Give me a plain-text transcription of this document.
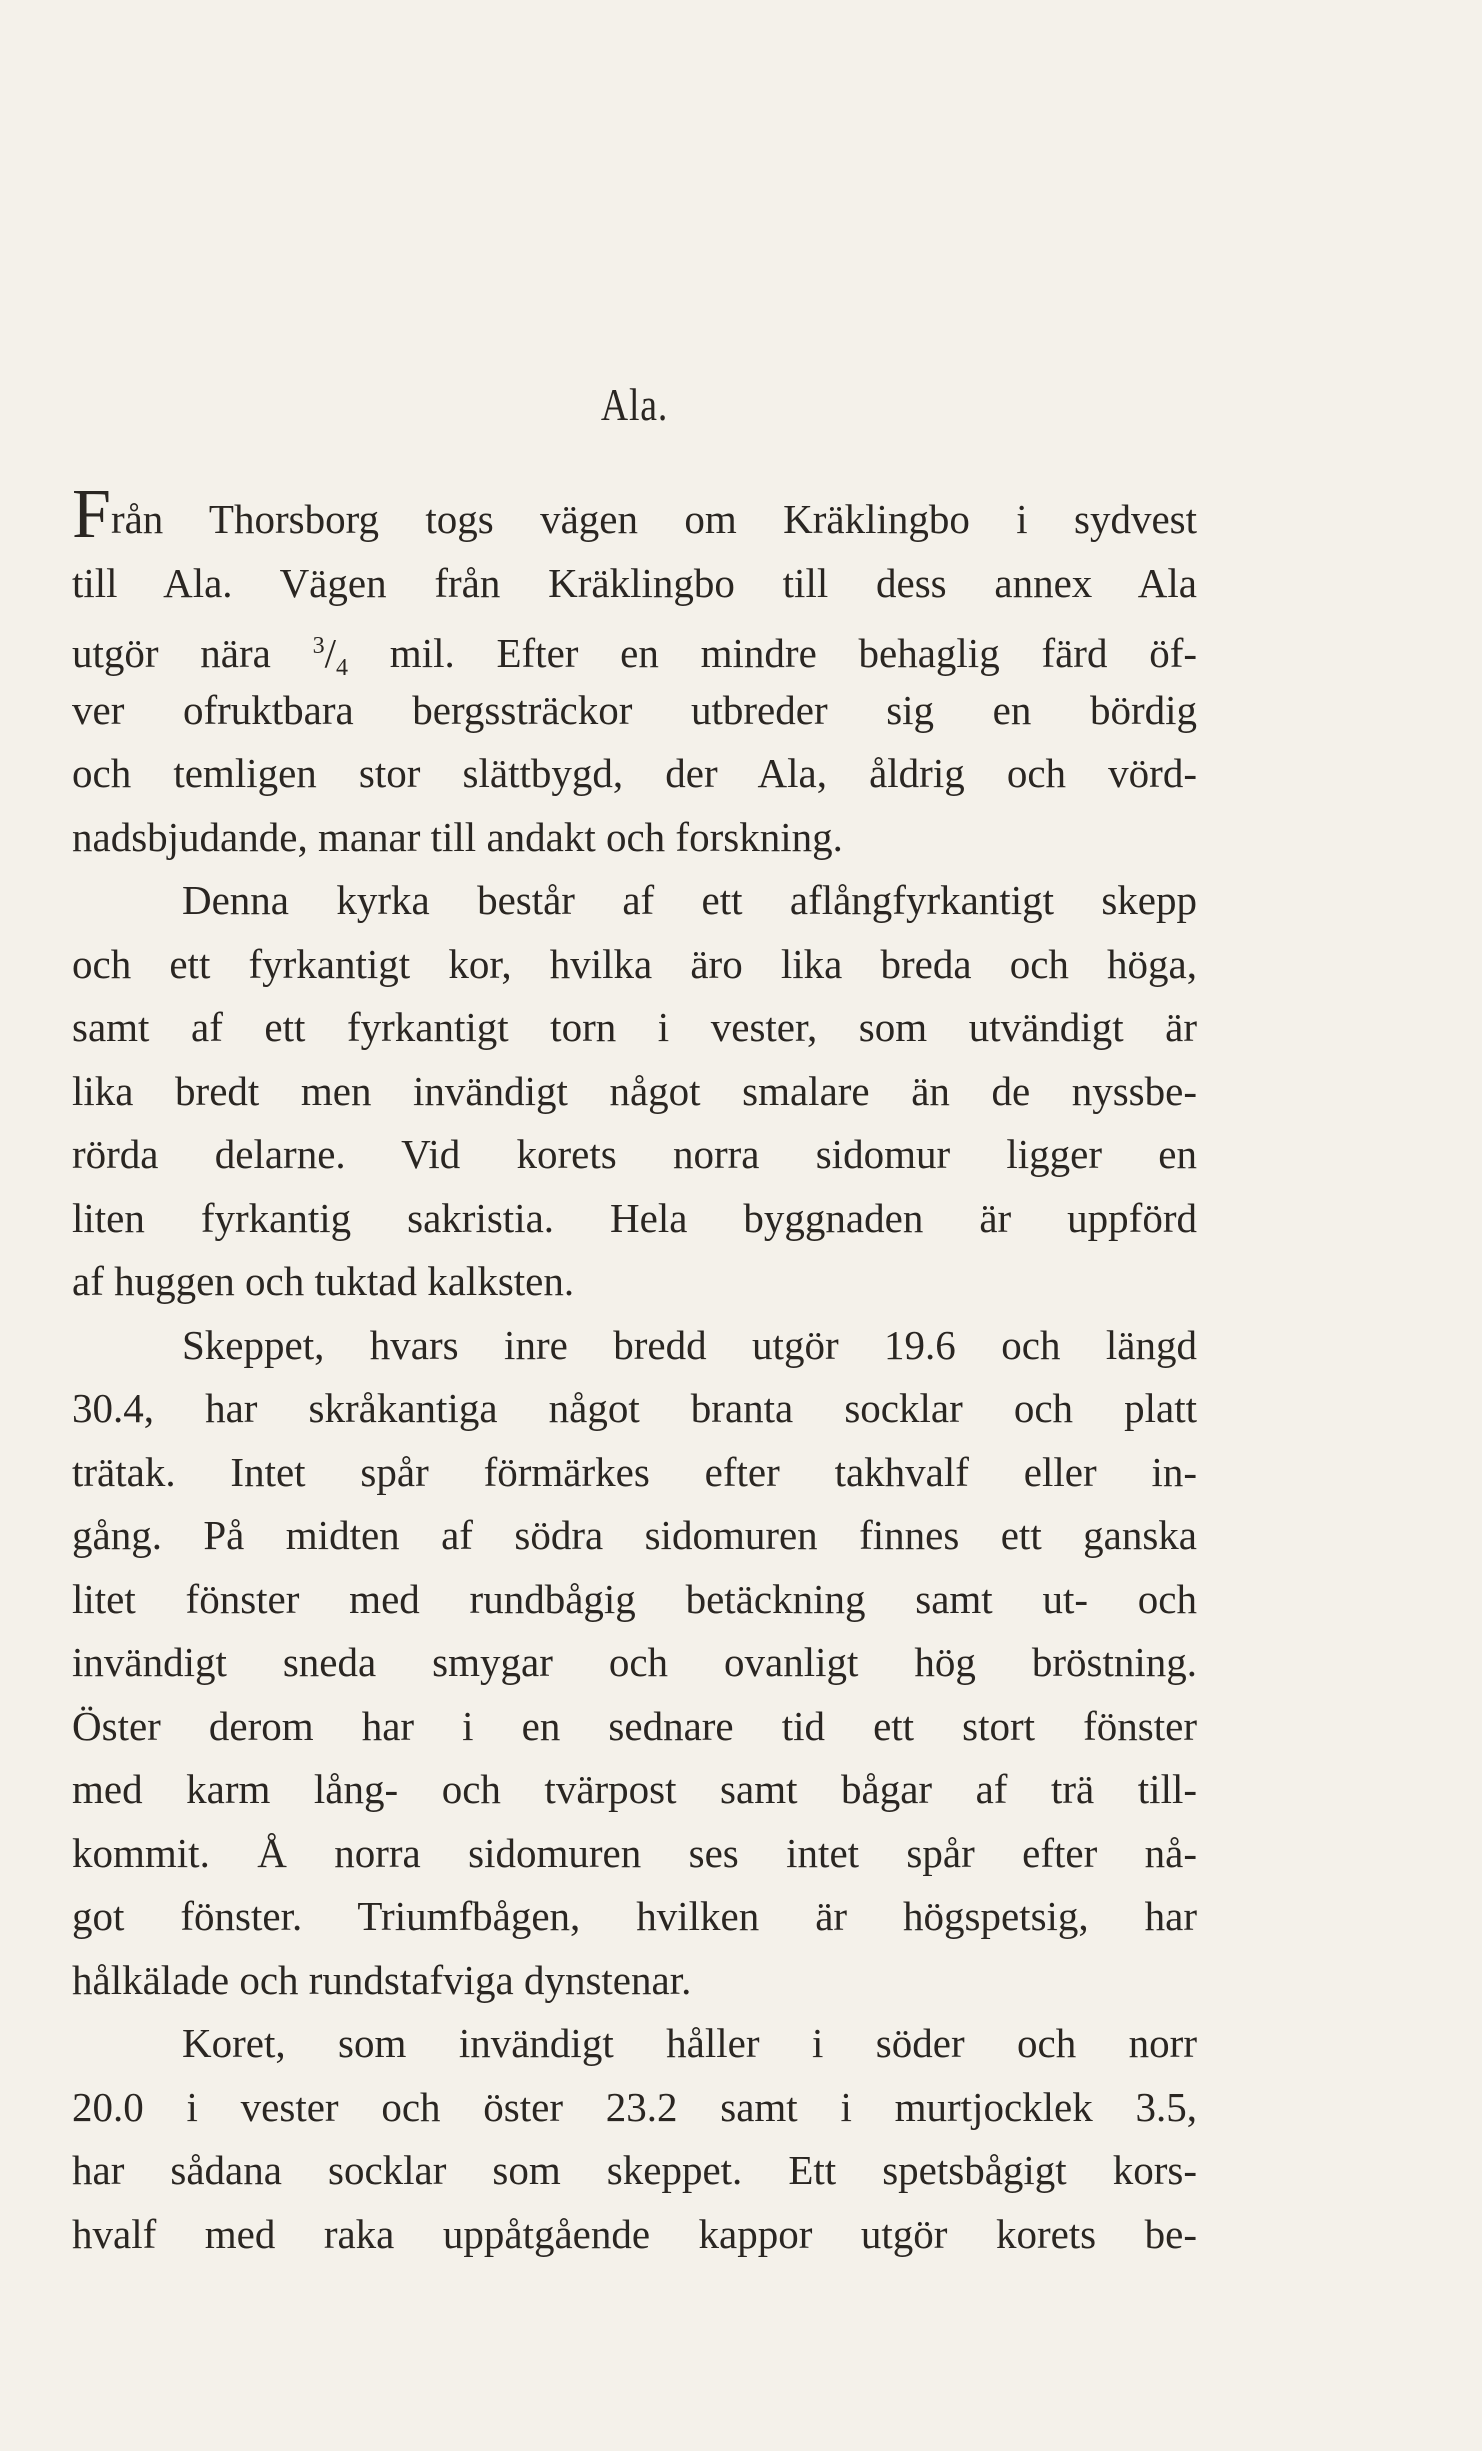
Ala.
Från Thorsborg togs vägen om Kräklingbo i sydvest
till Ala. Vägen från Kräklingbo till dess annex Ala
utgör nära $^3/_4$ mil. Efter en mindre behaglig färd öf-
ver ofruktbara bergssträckor utbreder sig en bördig
och temligen stor slättbygd, der Ala, åldrig och vörd-
nadsbjudande, manar till andakt och forskning.
Denna kyrka består af ett aflångfyrkantigt skepp
och ett fyrkantigt kor, hvilka äro lika breda och höga,
samt af ett fyrkantigt torn i vester, som utvändigt är
lika bredt men invändigt något smalare än de nyssbe-
rörda delarne. Vid korets norra sidomur ligger en
liten fyrkantig sakristia. Hela byggnaden är uppförd
af huggen och tuktad kalksten.
Skeppet, hvars inre bredd utgör 19.6 och längd
30.4, har skråkantiga något branta socklar och platt
trätak. Intet spår förmärkes efter takhvalf eller in-
gång. På midten af södra sidomuren finnes ett ganska
litet fönster med rundbågig betäckning samt ut- och
invändigt sneda smygar och ovanligt hög bröstning.
Öster derom har i en sednare tid ett stort fönster
med karm lång- och tvärpost samt bågar af trä till-
kommit. Å norra sidomuren ses intet spår efter nå-
got fönster. Triumfbågen, hvilken är högspetsig, har
hålkälade och rundstafviga dynstenar.
Koret, som invändigt håller i söder och norr
20.0 i vester och öster 23.2 samt i murtjocklek 3.5,
har sådana socklar som skeppet. Ett spetsbågigt kors-
hvalf med raka uppåtgående kappor utgör korets be-
